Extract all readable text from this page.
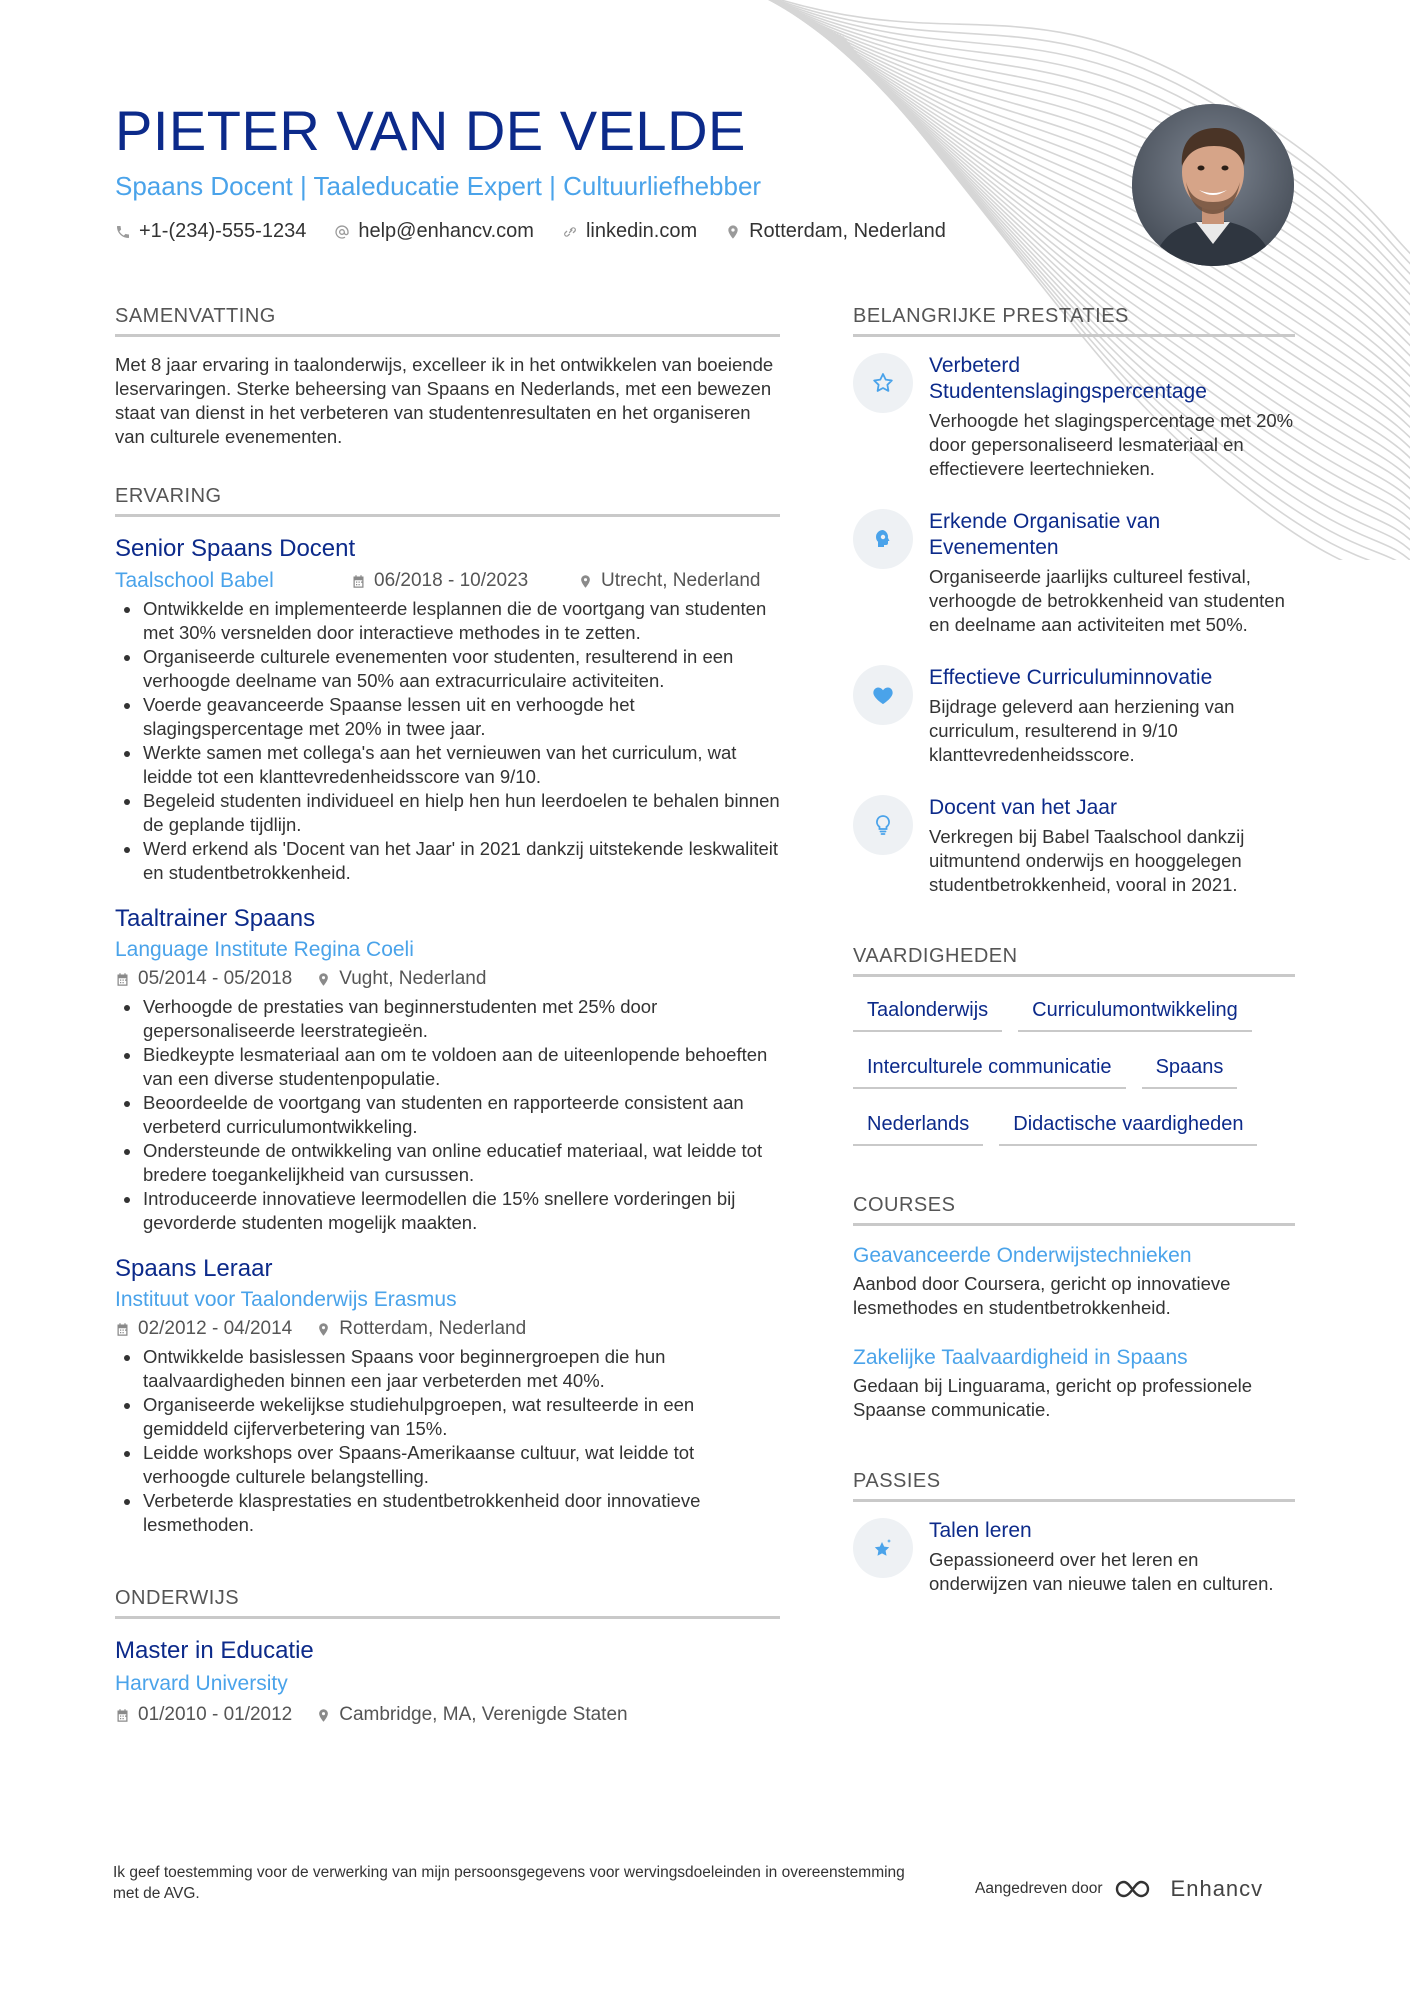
PIETER VAN DE VELDE
Spaans Docent | Taaleducatie Expert | Cultuurliefhebber
+1-(234)-555-1234	help@enhancv.com	linkedin.com	Rotterdam, Nederland
SAMENVATTING

Met 8 jaar ervaring in taalonderwijs, excelleer ik in het ontwikkelen van boeiende leservaringen. Sterke beheersing van Spaans en Nederlands, met een bewezen staat van dienst in het verbeteren van studentenresultaten en het organiseren van culturele evenementen.

ERVARING
Senior Spaans Docent
Taalschool Babel	06/2018 - 10/2023	Utrecht, Nederland
Ontwikkelde en implementeerde lesplannen die de voortgang van studenten met 30% versnelden door interactieve methodes in te zetten.
Organiseerde culturele evenementen voor studenten, resulterend in een verhoogde deelname van 50% aan extracurriculaire activiteiten.
Voerde geavanceerde Spaanse lessen uit en verhoogde het slagingspercentage met 20% in twee jaar.
Werkte samen met collega's aan het vernieuwen van het curriculum, wat leidde tot een klanttevredenheidsscore van 9/10.
Begeleid studenten individueel en hielp hen hun leerdoelen te behalen binnen de geplande tijdlijn.
Werd erkend als 'Docent van het Jaar' in 2021 dankzij uitstekende leskwaliteit en studentbetrokkenheid.
Taaltrainer Spaans
Language Institute Regina Coeli
05/2014 - 05/2018 Vught, Nederland
Verhoogde de prestaties van beginnerstudenten met 25% door gepersonaliseerde leerstrategieën.
Biedkeypte lesmateriaal aan om te voldoen aan de uiteenlopende behoeften van een diverse studentenpopulatie.
Beoordeelde de voortgang van studenten en rapporteerde consistent aan verbeterd curriculumontwikkeling.
Ondersteunde de ontwikkeling van online educatief materiaal, wat leidde tot bredere toegankelijkheid van cursussen.
Introduceerde innovatieve leermodellen die 15% snellere vorderingen bij gevorderde studenten mogelijk maakten.
Spaans Leraar
Instituut voor Taalonderwijs Erasmus
02/2012 - 04/2014 Rotterdam, Nederland
Ontwikkelde basislessen Spaans voor beginnergroepen die hun taalvaardigheden binnen een jaar verbeterden met 40%.
Organiseerde wekelijkse studiehulpgroepen, wat resulteerde in een gemiddeld cijferverbetering van 15%.
Leidde workshops over Spaans-Amerikaanse cultuur, wat leidde tot verhoogde culturele belangstelling.
Verbeterde klasprestaties en studentbetrokkenheid door innovatieve lesmethoden.
ONDERWIJS
Master in Educatie
Harvard University
01/2010 - 01/2012 Cambridge, MA, Verenigde Staten
BELANGRIJKE PRESTATIES
Verbeterd Studentenslagingspercentage
Verhoogde het slagingspercentage met 20% door gepersonaliseerd lesmateriaal en effectievere leertechnieken.
Erkende Organisatie van Evenementen
Organiseerde jaarlijks cultureel festival, verhoogde de betrokkenheid van studenten en deelname aan activiteiten met 50%.
Effectieve Curriculuminnovatie
Bijdrage geleverd aan herziening van curriculum, resulterend in 9/10 klanttevredenheidsscore.
Docent van het Jaar
Verkregen bij Babel Taalschool dankzij uitmuntend onderwijs en hooggelegen studentbetrokkenheid, vooral in 2021.
VAARDIGHEDEN
Taalonderwijs	Curriculumontwikkeling
Interculturele communicatie	Spaans
Nederlands	Didactische vaardigheden
COURSES
Geavanceerde Onderwijstechnieken
Aanbod door Coursera, gericht op innovatieve lesmethodes en studentbetrokkenheid.
Zakelijke Taalvaardigheid in Spaans
Gedaan bij Linguarama, gericht op professionele Spaanse communicatie.
PASSIES
Talen leren
Gepassioneerd over het leren en onderwijzen van nieuwe talen en culturen.
Ik geef toestemming voor de verwerking van mijn persoonsgegevens voor wervingsdoeleinden in overeenstemming met de AVG.	Aangedreven door	Enhancv
